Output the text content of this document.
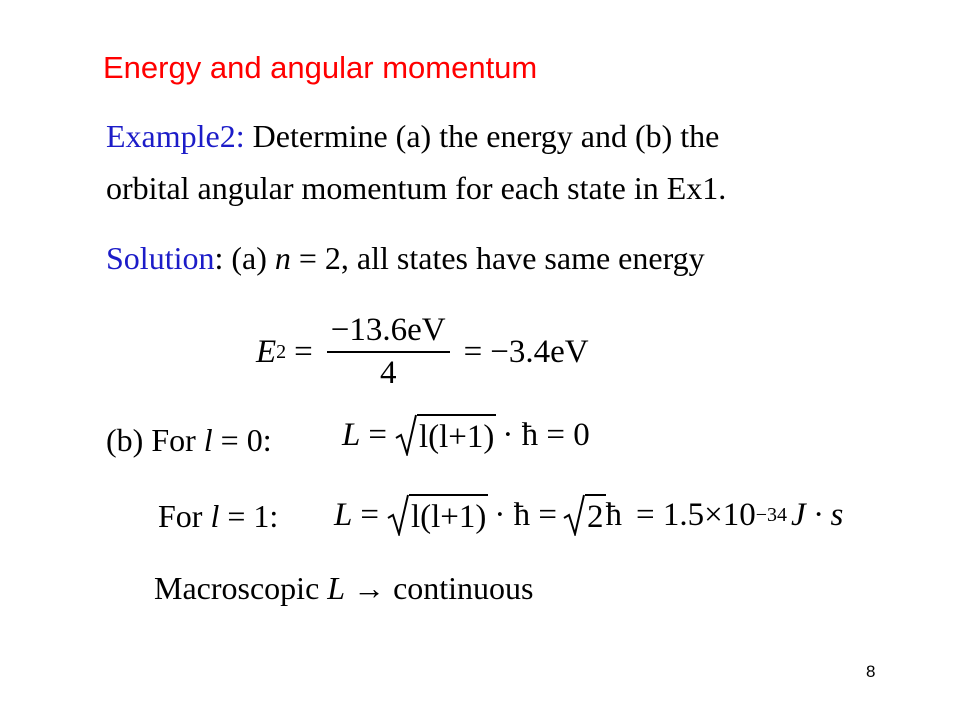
Energy and angular momentum
Example2: Determine (a) the energy and (b) the
orbital angular momentum for each state in Ex1.
Solution: (a) n = 2, all states have same energy
E $2 = \frac{-13.6eV}{4} = -3.4eV$
(b) For l = 0: L = l(l+1) · ħ = 0
For l = 1: L = l(l+1) · ħ = 2 ħ = 1.5×10 −34 J · s
Macroscopic L → continuous
8
